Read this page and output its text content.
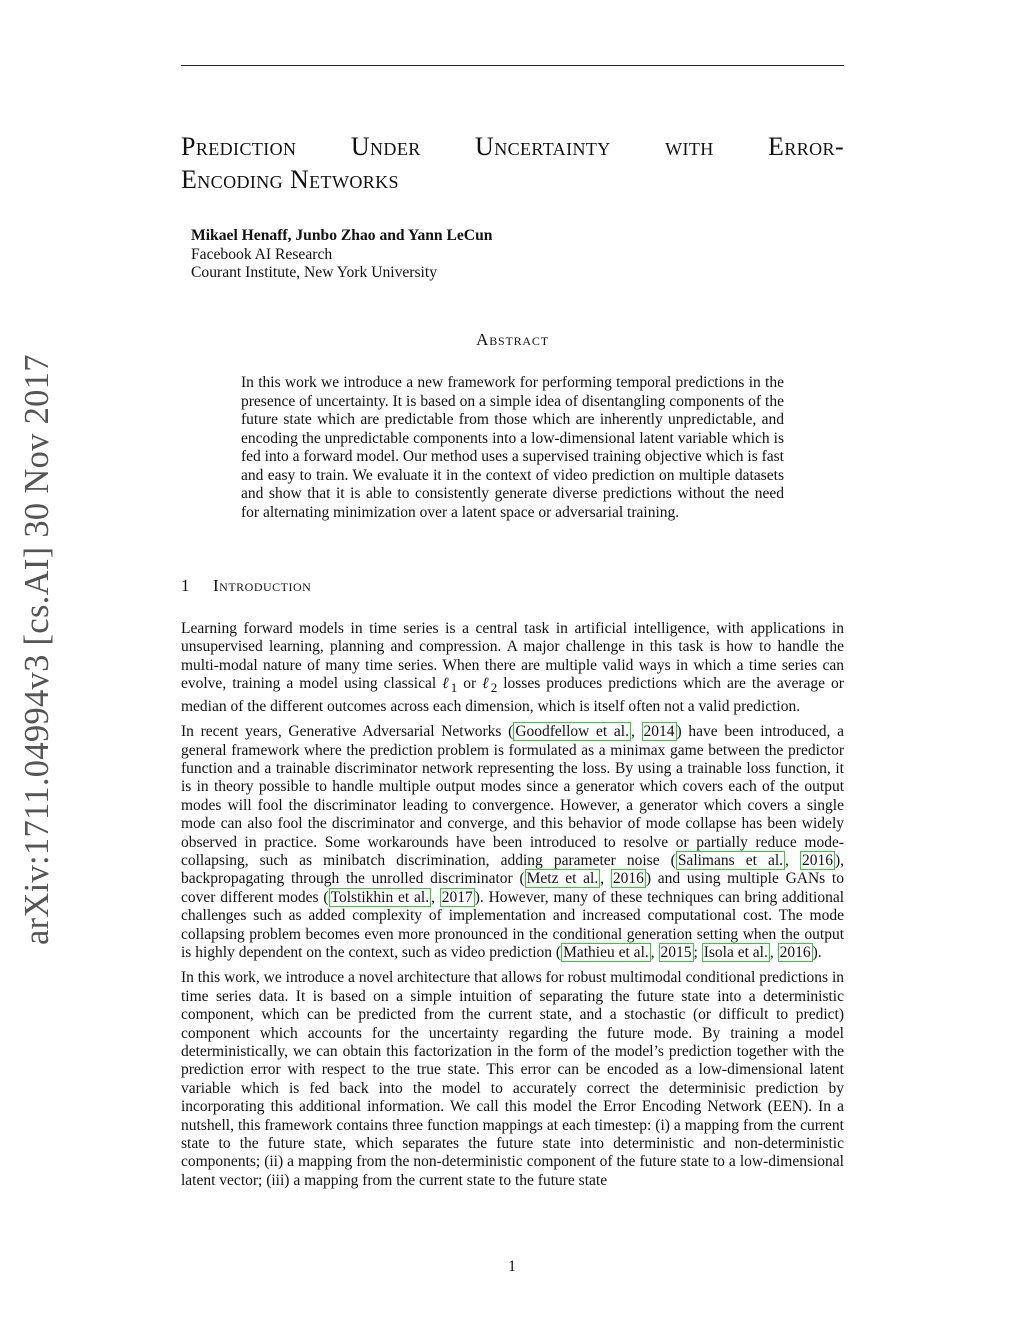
arXiv:1711.04994v3 [cs.AI] 30 Nov 2017
Prediction Under Uncertainty with Error-
Encoding Networks
Mikael Henaff, Junbo Zhao and Yann LeCun
Facebook AI Research
Courant Institute, New York University
Abstract
In this work we introduce a new framework for performing temporal predictions in the presence of uncertainty. It is based on a simple idea of disentangling components of the future state which are predictable from those which are inherently unpredictable, and encoding the unpredictable components into a low-dimensional latent variable which is fed into a forward model. Our method uses a supervised training objective which is fast and easy to train. We evaluate it in the context of video prediction on multiple datasets and show that it is able to consistently generate diverse predictions without the need for alternating minimization over a latent space or adversarial training.
1 Introduction

Learning forward models in time series is a central task in artificial intelligence, with applications in unsupervised learning, planning and compression. A major challenge in this task is how to handle the multi-modal nature of many time series. When there are multiple valid ways in which a time series can evolve, training a model using classical ℓ$_1$ or ℓ$_2$ losses produces predictions which are the average or median of the different outcomes across each dimension, which is itself often not a valid prediction.

In recent years, Generative Adversarial Networks ( Goodfellow et al. , 2014 ) have been introduced, a general framework where the prediction problem is formulated as a minimax game between the predictor function and a trainable discriminator network representing the loss. By using a trainable loss function, it is in theory possible to handle multiple output modes since a generator which covers each of the output modes will fool the discriminator leading to convergence. However, a generator which covers a single mode can also fool the discriminator and converge, and this behavior of mode collapse has been widely observed in practice. Some workarounds have been introduced to resolve or partially reduce mode-collapsing, such as minibatch discrimination, adding parameter noise ( Salimans et al. , 2016 ), backpropagating through the unrolled discriminator ( Metz et al. , 2016 ) and using multiple GANs to cover different modes ( Tolstikhin et al. , 2017 ). However, many of these techniques can bring additional challenges such as added complexity of implementation and increased computational cost. The mode collapsing problem becomes even more pronounced in the conditional generation setting when the output is highly dependent on the context, such as video prediction ( Mathieu et al. , 2015 ; Isola et al. , 2016 ).

In this work, we introduce a novel architecture that allows for robust multimodal conditional predictions in time series data. It is based on a simple intuition of separating the future state into a deterministic component, which can be predicted from the current state, and a stochastic (or difficult to predict) component which accounts for the uncertainty regarding the future mode. By training a model deterministically, we can obtain this factorization in the form of the model’s prediction together with the prediction error with respect to the true state. This error can be encoded as a low-dimensional latent variable which is fed back into the model to accurately correct the determinisic prediction by incorporating this additional information. We call this model the Error Encoding Network (EEN). In a nutshell, this framework contains three function mappings at each timestep: (i) a mapping from the current state to the future state, which separates the future state into deterministic and non-deterministic components; (ii) a mapping from the non-deterministic component of the future state to a low-dimensional latent vector; (iii) a mapping from the current state to the future state

1
